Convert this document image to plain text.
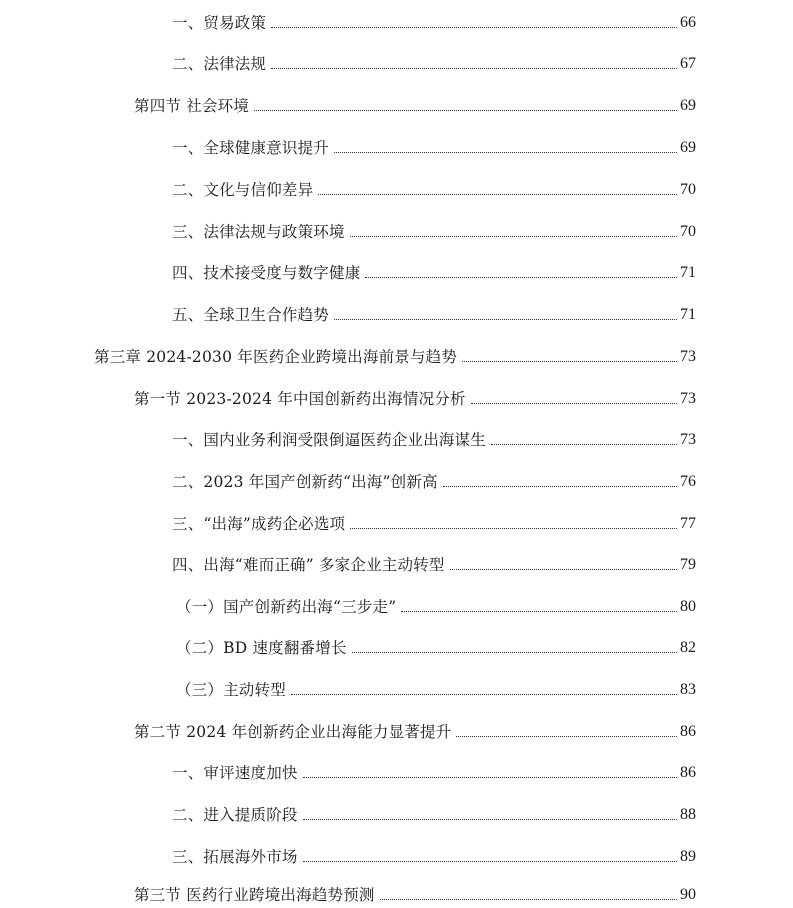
一、贸易政策	66
二、法律法规	67
第四节 社会环境	69
一、全球健康意识提升	69
二、文化与信仰差异	70
三、法律法规与政策环境	70
四、技术接受度与数字健康	71
五、全球卫生合作趋势	71
第三章 2024-2030 年医药企业跨境出海前景与趋势	73
第一节 2023-2024 年中国创新药出海情况分析	73
一、国内业务利润受限倒逼医药企业出海谋生	73
二、2023 年国产创新药“出海”创新高	76
三、“出海”成药企必选项	77
四、出海“难而正确” 多家企业主动转型	79
（一）国产创新药出海“三步走”	80
（二）BD 速度翻番增长	82
（三）主动转型	83
第二节 2024 年创新药企业出海能力显著提升	86
一、审评速度加快	86
二、进入提质阶段	88
三、拓展海外市场	89
第三节 医药行业跨境出海趋势预测	90
